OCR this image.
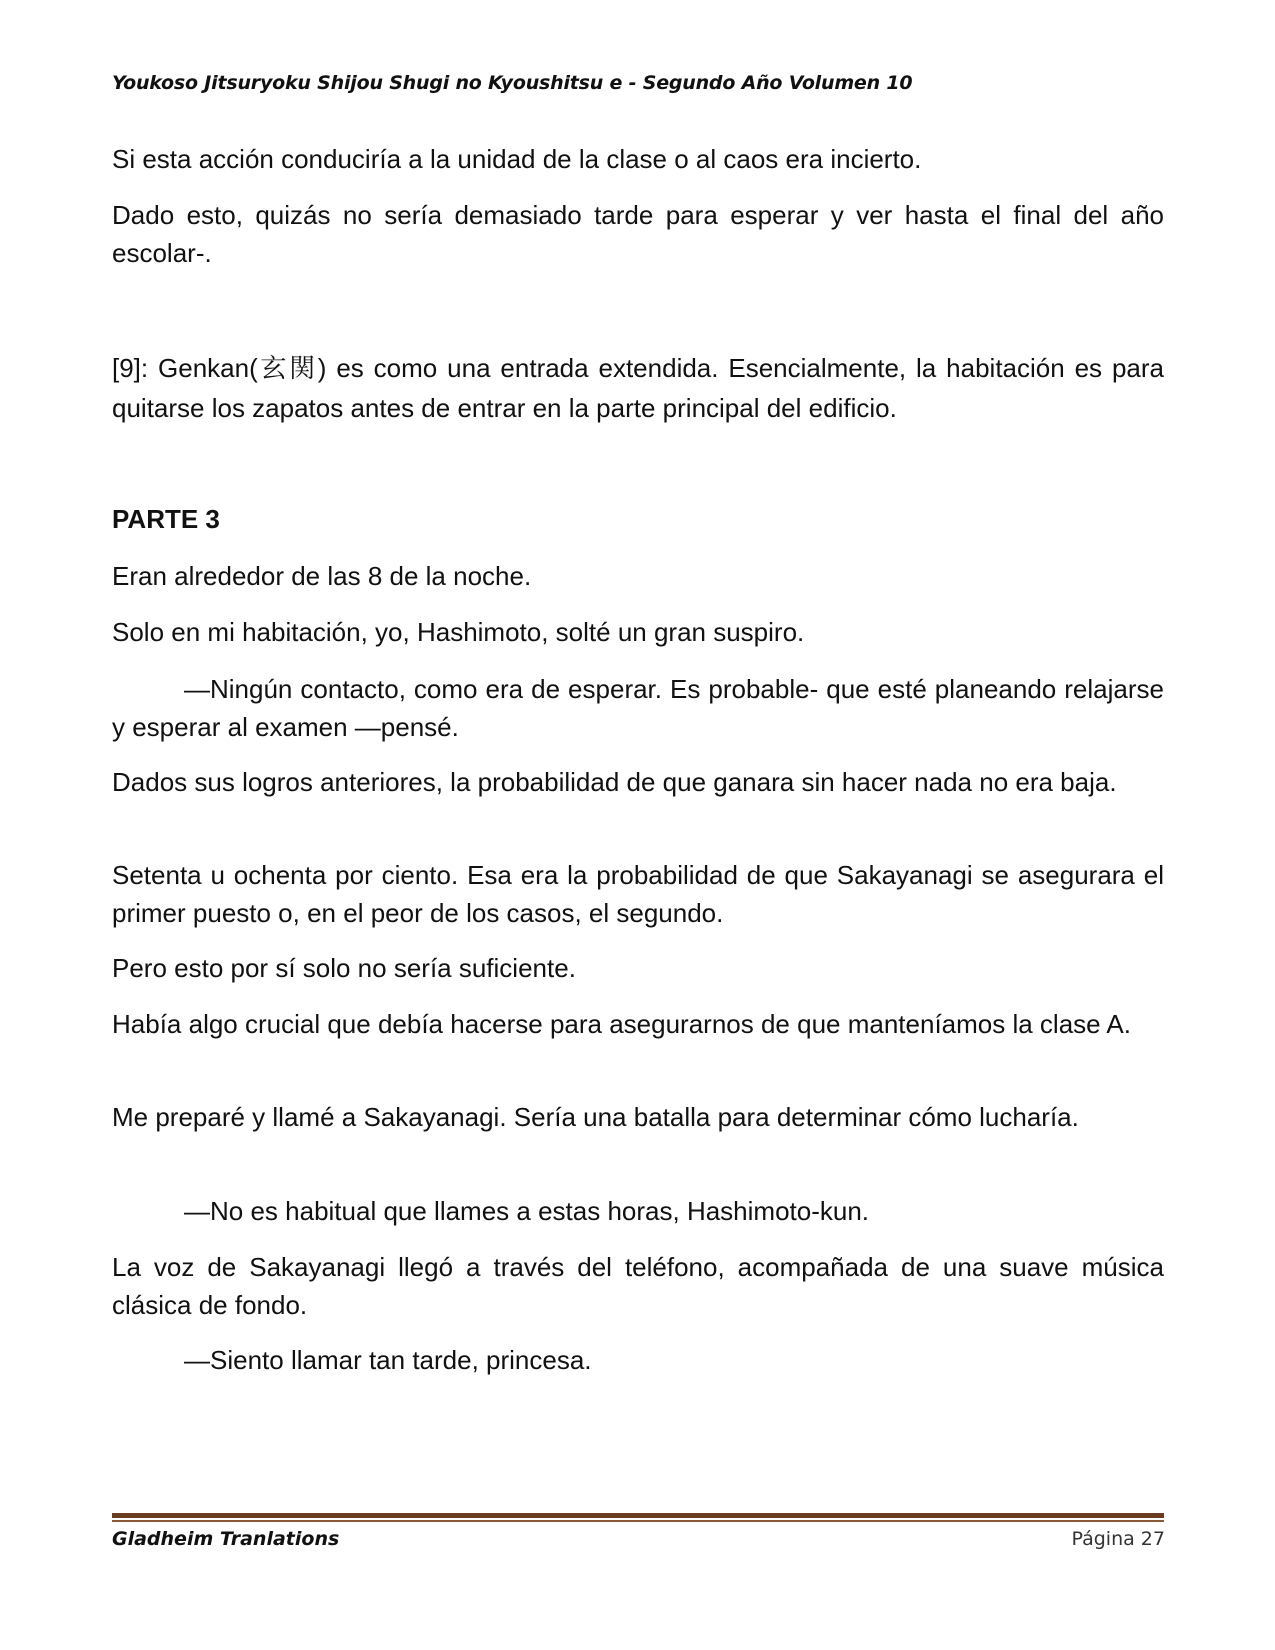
Youkoso Jitsuryoku Shijou Shugi no Kyoushitsu e - Segundo Año Volumen 10

Si esta acción conduciría a la unidad de la clase o al caos era incierto.

Dado esto, quizás no sería demasiado tarde para esperar y ver hasta el final del año escolar-.

[9]: Genkan(玄関) es como una entrada extendida. Esencialmente, la habitación es para quitarse los zapatos antes de entrar en la parte principal del edificio.

PARTE 3

Eran alrededor de las 8 de la noche.

Solo en mi habitación, yo, Hashimoto, solté un gran suspiro.

—Ningún contacto, como era de esperar. Es probable- que esté planeando relajarse y esperar al examen —pensé.

Dados sus logros anteriores, la probabilidad de que ganara sin hacer nada no era baja.

Setenta u ochenta por ciento. Esa era la probabilidad de que Sakayanagi se asegurara el primer puesto o, en el peor de los casos, el segundo.

Pero esto por sí solo no sería suficiente.

Había algo crucial que debía hacerse para asegurarnos de que manteníamos la clase A.

Me preparé y llamé a Sakayanagi. Sería una batalla para determinar cómo lucharía.

—No es habitual que llames a estas horas, Hashimoto-kun.

La voz de Sakayanagi llegó a través del teléfono, acompañada de una suave música clásica de fondo.

—Siento llamar tan tarde, princesa.

Gladheim Tranlations	Página 27
